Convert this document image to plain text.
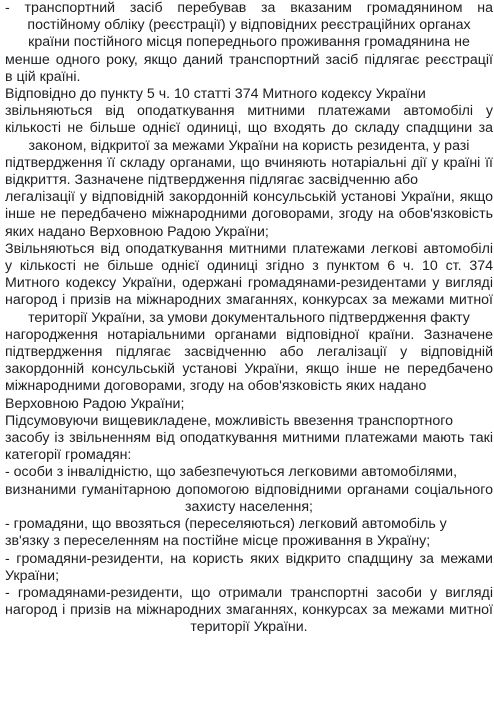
- транспортний засіб перебував за вказаним громадянином на
постійному обліку (реєстрації) у відповідних реєстраційних органах
країни постійного місця попереднього проживання громадянина не
менше одного року, якщо даний транспортний засіб підлягає реєстрації
в цій країні.
Відповідно до пункту 5 ч. 10 статті 374 Митного кодексу України
звільняються від оподаткування митними платежами автомобілі у
кількості не більше однієї одиниці, що входять до складу спадщини за
законом, відкритої за межами України на користь резидента, у разі
підтвердження її складу органами, що вчиняють нотаріальні дії у країні її
відкриття. Зазначене підтвердження підлягає засвідченню або
легалізації у відповідній закордонній консульській установі України, якщо
інше не передбачено міжнародними договорами, згоду на обов'язковість
яких надано Верховною Радою України;
Звільняються від оподаткування митними платежами легкові автомобілі
у кількості не більше однієї одиниці згідно з пунктом 6 ч. 10 ст. 374
Митного кодексу України, одержані громадянами-резидентами у вигляді
нагород і призів на міжнародних змаганнях, конкурсах за межами митної
території України, за умови документального підтвердження факту
нагородження нотаріальними органами відповідної країни. Зазначене
підтвердження підлягає засвідченню або легалізації у відповідній
закордонній консульській установі України, якщо інше не передбачено
міжнародними договорами, згоду на обов'язковість яких надано
Верховною Радою України;
Підсумовуючи вищевикладене, можливість ввезення транспортного
засобу із звільненням від оподаткування митними платежами мають такі
категорії громадян:
- особи з інвалідністю, що забезпечуються легковими автомобілями,
визнаними гуманітарною допомогою відповідними органами соціального
захисту населення;
- громадяни, що ввозяться (переселяються) легковий автомобіль у
зв'язку з переселенням на постійне місце проживання в Україну;
- громадяни-резиденти, на користь яких відкрито спадщину за межами
України;
- громадянами-резиденти, що отримали транспортні засоби у вигляді
нагород і призів на міжнародних змаганнях, конкурсах за межами митної
території України.
